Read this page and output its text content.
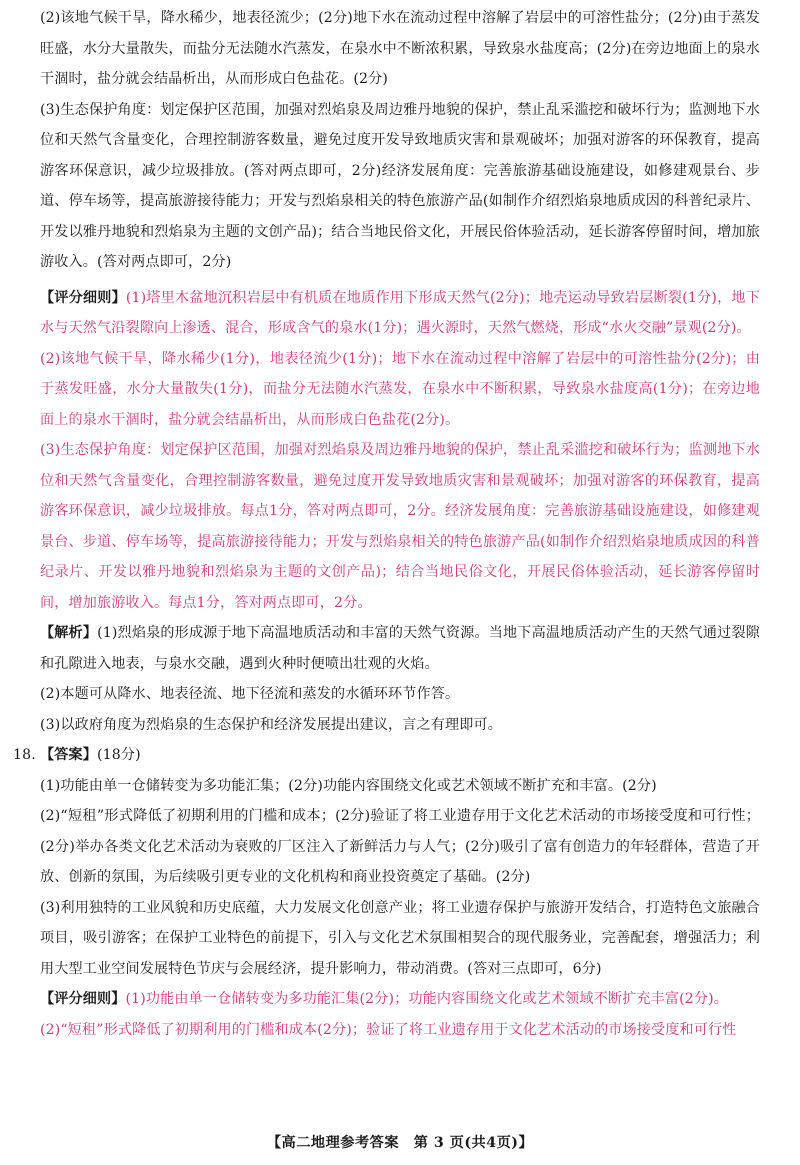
(2)该地气候干旱，降水稀少，地表径流少；(2分)地下水在流动过程中溶解了岩层中的可溶性盐分；(2分)由于蒸发旺盛，水分大量散失，而盐分无法随水汽蒸发，在泉水中不断浓积累，导致泉水盐度高；(2分)在旁边地面上的泉水干涸时，盐分就会结晶析出，从而形成白色盐花。(2分)

(3)生态保护角度：划定保护区范围，加强对烈焰泉及周边雅丹地貌的保护，禁止乱采滥挖和破坏行为；监测地下水位和天然气含量变化，合理控制游客数量，避免过度开发导致地质灾害和景观破坏；加强对游客的环保教育，提高游客环保意识，减少垃圾排放。(答对两点即可，2分)经济发展角度：完善旅游基础设施建设，如修建观景台、步道、停车场等，提高旅游接待能力；开发与烈焰泉相关的特色旅游产品(如制作介绍烈焰泉地质成因的科普纪录片、开发以雅丹地貌和烈焰泉为主题的文创产品)；结合当地民俗文化，开展民俗体验活动，延长游客停留时间，增加旅游收入。(答对两点即可，2分)

【评分细则】(1)塔里木盆地沉积岩层中有机质在地质作用下形成天然气(2分)；地壳运动导致岩层断裂(1分)，地下水与天然气沿裂隙向上渗透、混合，形成含气的泉水(1分)；遇火源时，天然气燃烧，形成“水火交融”景观(2分)。

(2)该地气候干旱，降水稀少(1分)，地表径流少(1分)；地下水在流动过程中溶解了岩层中的可溶性盐分(2分)；由于蒸发旺盛，水分大量散失(1分)，而盐分无法随水汽蒸发，在泉水中不断积累，导致泉水盐度高(1分)；在旁边地面上的泉水干涸时，盐分就会结晶析出，从而形成白色盐花(2分)。

(3)生态保护角度：划定保护区范围，加强对烈焰泉及周边雅丹地貌的保护，禁止乱采滥挖和破坏行为；监测地下水位和天然气含量变化，合理控制游客数量，避免过度开发导致地质灾害和景观破坏；加强对游客的环保教育，提高游客环保意识，减少垃圾排放。每点1分，答对两点即可，2分。经济发展角度：完善旅游基础设施建设，如修建观景台、步道、停车场等，提高旅游接待能力；开发与烈焰泉相关的特色旅游产品(如制作介绍烈焰泉地质成因的科普纪录片、开发以雅丹地貌和烈焰泉为主题的文创产品)；结合当地民俗文化，开展民俗体验活动，延长游客停留时间，增加旅游收入。每点1分，答对两点即可，2分。

【解析】(1)烈焰泉的形成源于地下高温地质活动和丰富的天然气资源。当地下高温地质活动产生的天然气通过裂隙和孔隙进入地表，与泉水交融，遇到火种时便喷出壮观的火焰。

(2)本题可从降水、地表径流、地下径流和蒸发的水循环环节作答。

(3)以政府角度为烈焰泉的生态保护和经济发展提出建议，言之有理即可。

18. 【答案】(18分)

(1)功能由单一仓储转变为多功能汇集；(2分)功能内容围绕文化或艺术领域不断扩充和丰富。(2分)

(2)“短租”形式降低了初期利用的门槛和成本；(2分)验证了将工业遗存用于文化艺术活动的市场接受度和可行性；(2分)举办各类文化艺术活动为衰败的厂区注入了新鲜活力与人气；(2分)吸引了富有创造力的年轻群体，营造了开放、创新的氛围，为后续吸引更专业的文化机构和商业投资奠定了基础。(2分)

(3)利用独特的工业风貌和历史底蕴，大力发展文化创意产业；将工业遗存保护与旅游开发结合，打造特色文旅融合项目，吸引游客；在保护工业特色的前提下，引入与文化艺术氛围相契合的现代服务业，完善配套，增强活力；利用大型工业空间发展特色节庆与会展经济，提升影响力，带动消费。(答对三点即可，6分)

【评分细则】(1)功能由单一仓储转变为多功能汇集(2分)；功能内容围绕文化或艺术领域不断扩充丰富(2分)。

(2)“短租”形式降低了初期利用的门槛和成本(2分)；验证了将工业遗存用于文化艺术活动的市场接受度和可行性

【高二地理参考答案　第 3 页(共4页)】
